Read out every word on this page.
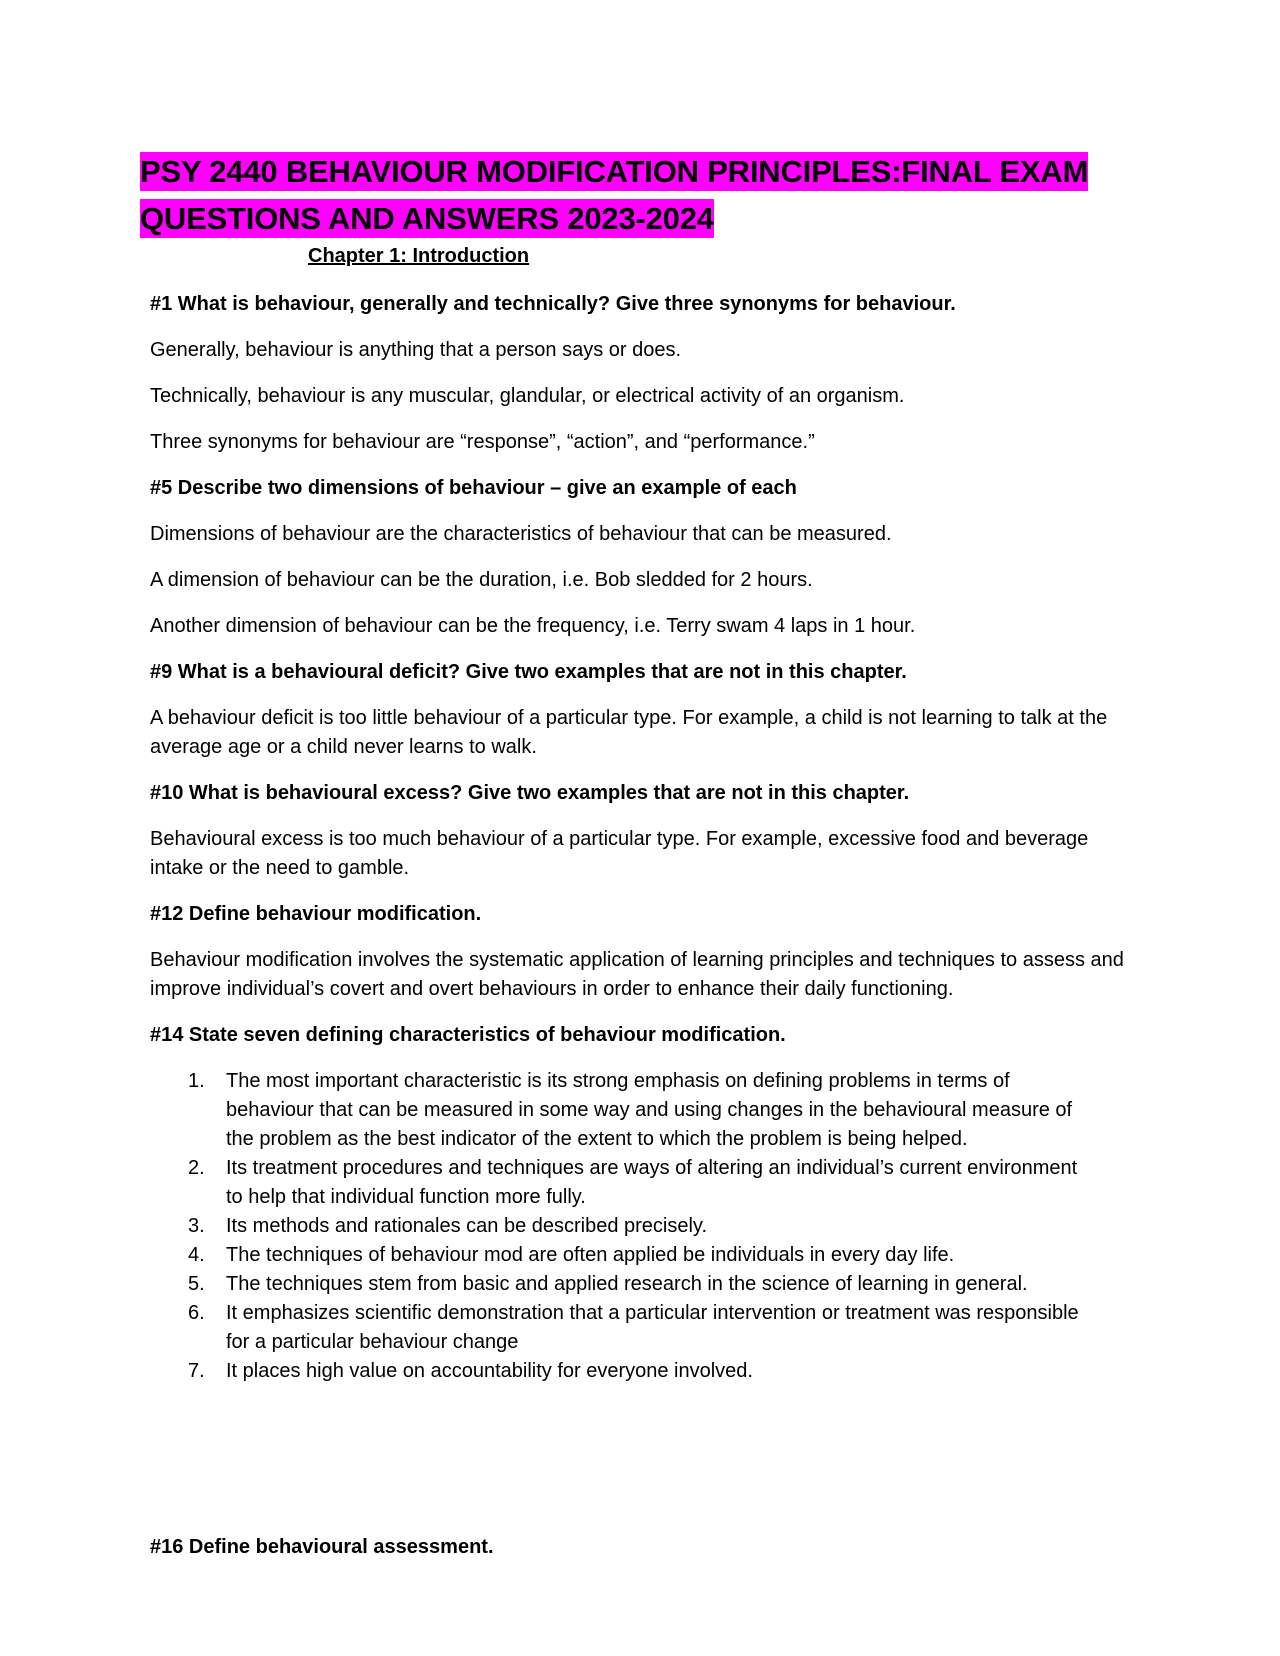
PSY 2440 BEHAVIOUR MODIFICATION PRINCIPLES:FINAL EXAM QUESTIONS AND ANSWERS 2023-2024
Chapter 1: Introduction

#1 What is behaviour, generally and technically? Give three synonyms for behaviour.

Generally, behaviour is anything that a person says or does.

Technically, behaviour is any muscular, glandular, or electrical activity of an organism.

Three synonyms for behaviour are “response”, “action”, and “performance.”

#5 Describe two dimensions of behaviour – give an example of each

Dimensions of behaviour are the characteristics of behaviour that can be measured.

A dimension of behaviour can be the duration, i.e. Bob sledded for 2 hours.

Another dimension of behaviour can be the frequency, i.e. Terry swam 4 laps in 1 hour.

#9 What is a behavioural deficit? Give two examples that are not in this chapter.

A behaviour deficit is too little behaviour of a particular type. For example, a child is not learning to talk at the average age or a child never learns to walk.

#10 What is behavioural excess? Give two examples that are not in this chapter.

Behavioural excess is too much behaviour of a particular type. For example, excessive food and beverage intake or the need to gamble.

#12 Define behaviour modification.

Behaviour modification involves the systematic application of learning principles and techniques to assess and improve individual’s covert and overt behaviours in order to enhance their daily functioning.

#14 State seven defining characteristics of behaviour modification.

1. The most important characteristic is its strong emphasis on defining problems in terms of behaviour that can be measured in some way and using changes in the behavioural measure of the problem as the best indicator of the extent to which the problem is being helped.
2. Its treatment procedures and techniques are ways of altering an individual’s current environment to help that individual function more fully.
3. Its methods and rationales can be described precisely.
4. The techniques of behaviour mod are often applied be individuals in every day life.
5. The techniques stem from basic and applied research in the science of learning in general.
6. It emphasizes scientific demonstration that a particular intervention or treatment was responsible for a particular behaviour change
7. It places high value on accountability for everyone involved.

#16 Define behavioural assessment.
